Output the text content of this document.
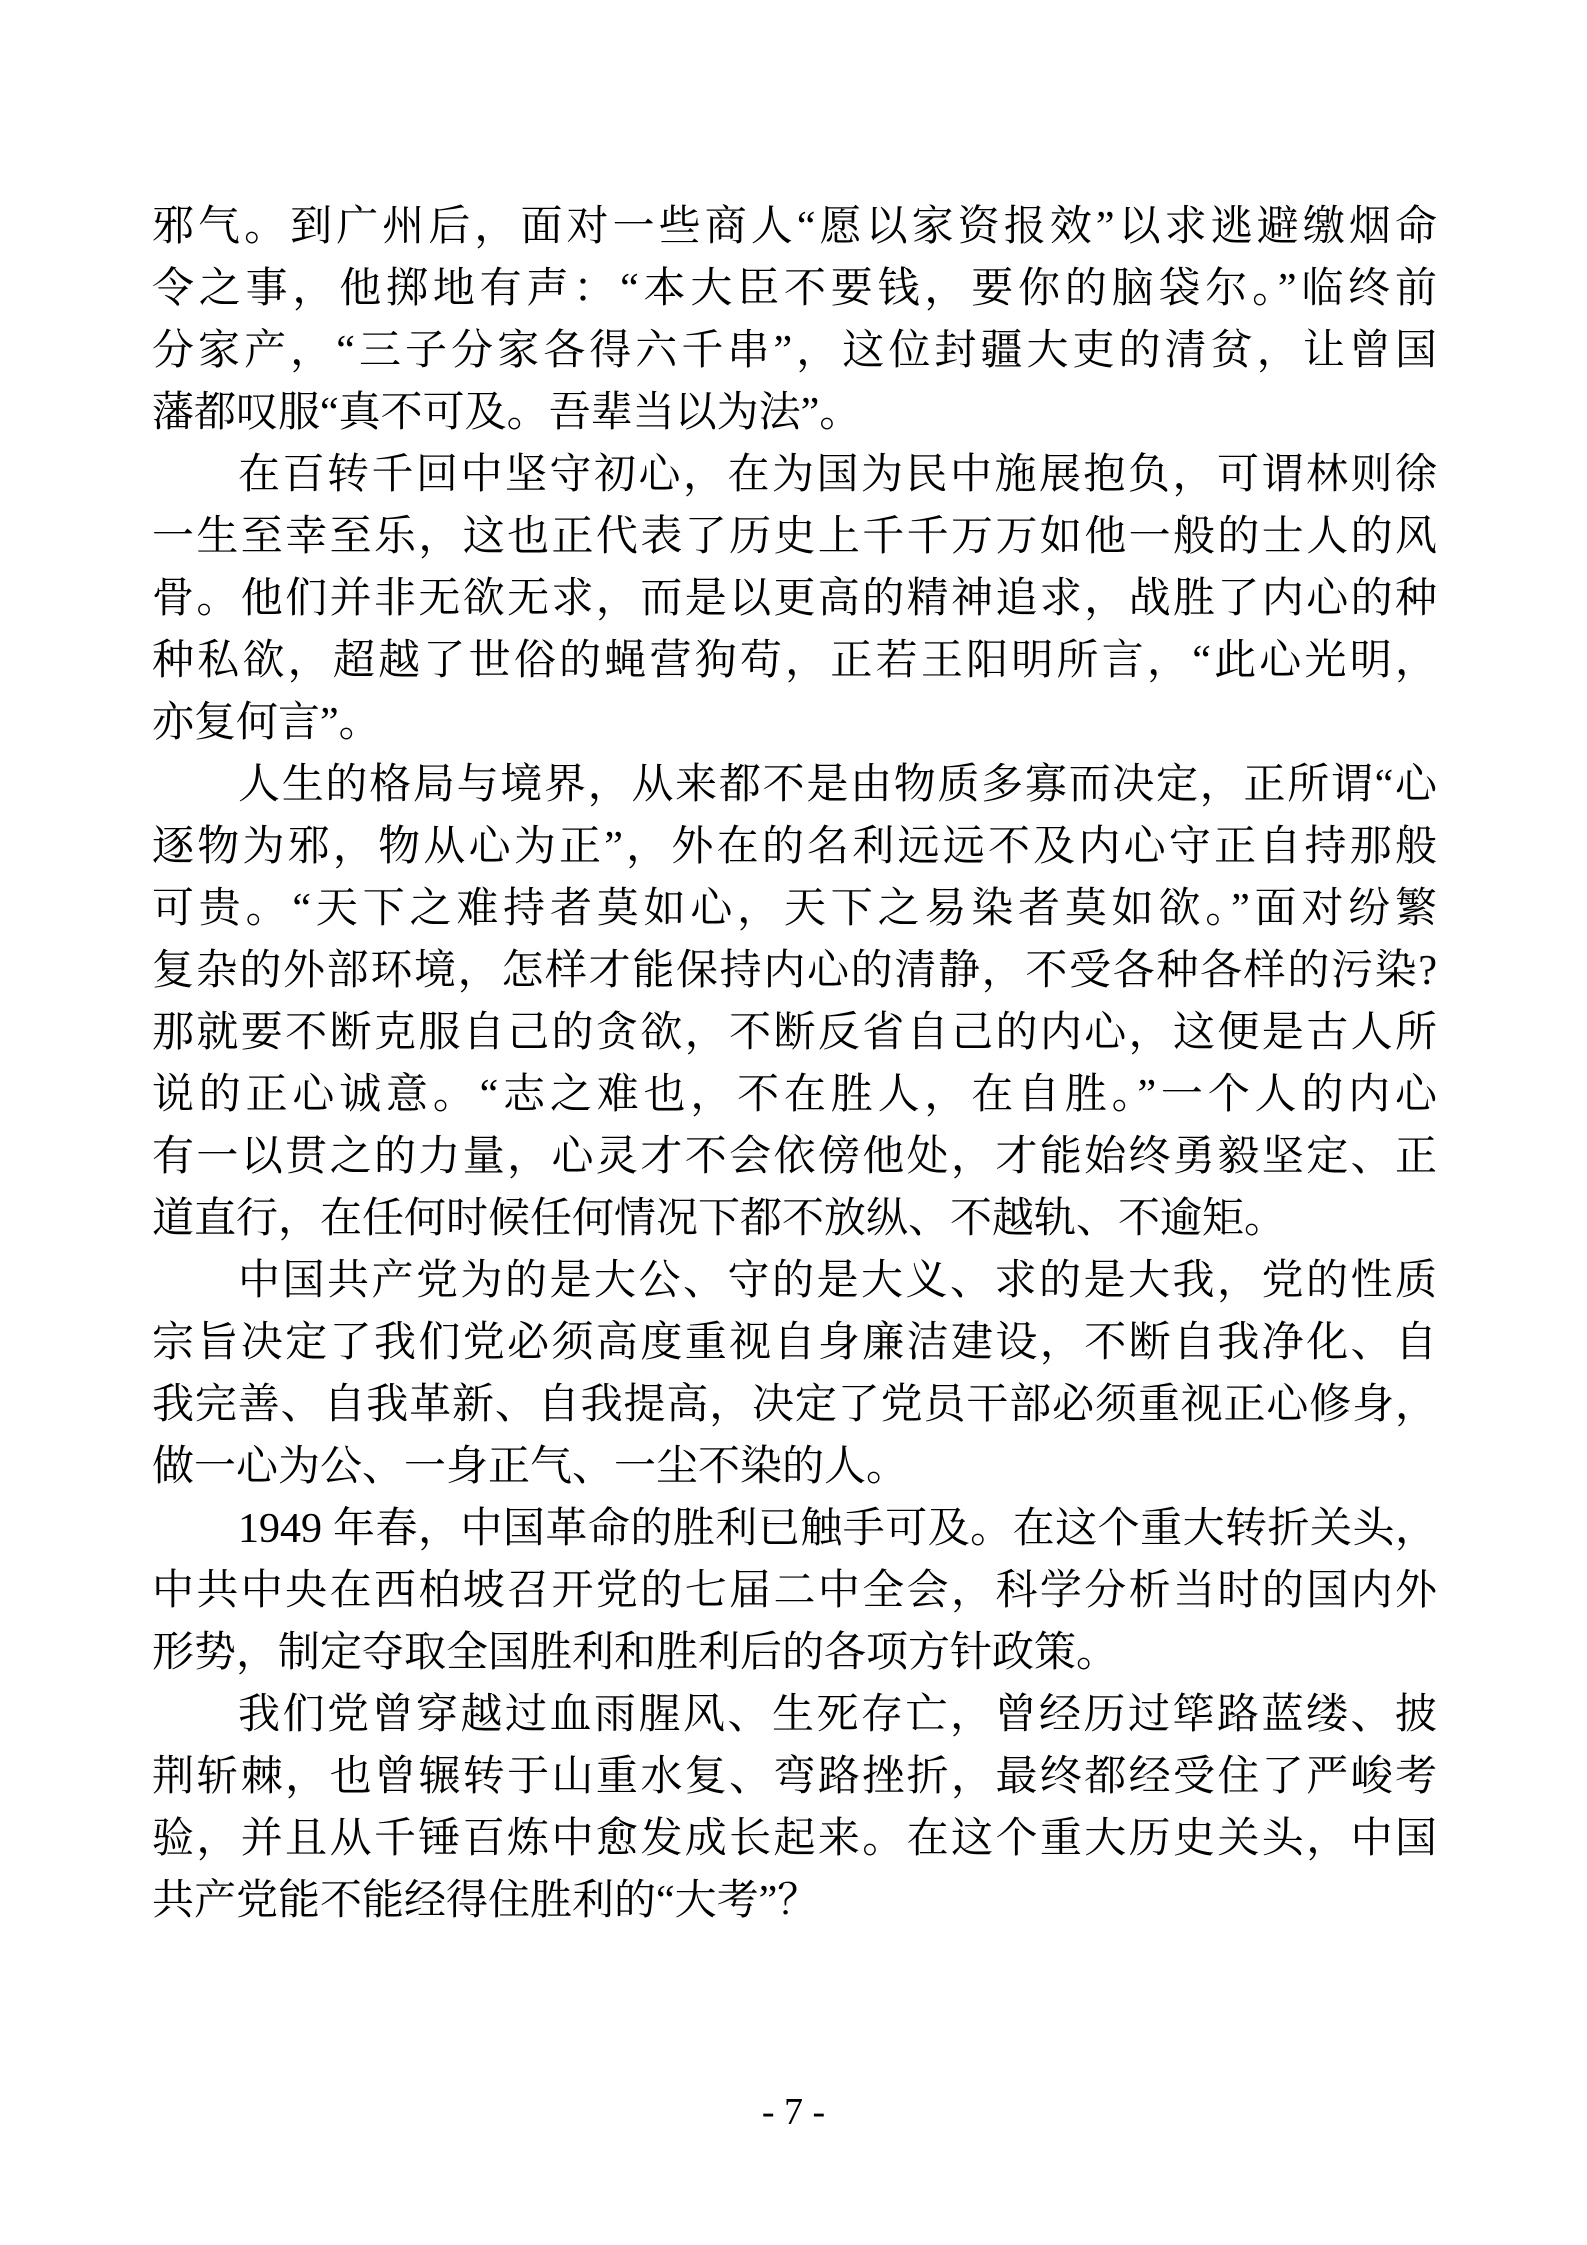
邪气。到广州后，面对一些商人“愿以家资报效”以求逃避缴烟命
令之事，他掷地有声：“本大臣不要钱，要你的脑袋尔。”临终前
分家产，“三子分家各得六千串”，这位封疆大吏的清贫，让曾国
藩都叹服“真不可及。吾辈当以为法”。
在百转千回中坚守初心，在为国为民中施展抱负，可谓林则徐
一生至幸至乐，这也正代表了历史上千千万万如他一般的士人的风
骨。他们并非无欲无求，而是以更高的精神追求，战胜了内心的种
种私欲，超越了世俗的蝇营狗苟，正若王阳明所言，“此心光明，
亦复何言”。
人生的格局与境界，从来都不是由物质多寡而决定，正所谓“心
逐物为邪，物从心为正”，外在的名利远远不及内心守正自持那般
可贵。“天下之难持者莫如心，天下之易染者莫如欲。”面对纷繁
复杂的外部环境，怎样才能保持内心的清静，不受各种各样的污染?
那就要不断克服自己的贪欲，不断反省自己的内心，这便是古人所
说的正心诚意。“志之难也，不在胜人，在自胜。”一个人的内心
有一以贯之的力量，心灵才不会依傍他处，才能始终勇毅坚定、正
道直行，在任何时候任何情况下都不放纵、不越轨、不逾矩。
中国共产党为的是大公、守的是大义、求的是大我，党的性质
宗旨决定了我们党必须高度重视自身廉洁建设，不断自我净化、自
我完善、自我革新、自我提高，决定了党员干部必须重视正心修身，
做一心为公、一身正气、一尘不染的人。
1949 年春，中国革命的胜利已触手可及。在这个重大转折关头，
中共中央在西柏坡召开党的七届二中全会，科学分析当时的国内外
形势，制定夺取全国胜利和胜利后的各项方针政策。
我们党曾穿越过血雨腥风、生死存亡，曾经历过筚路蓝缕、披
荆斩棘，也曾辗转于山重水复、弯路挫折，最终都经受住了严峻考
验，并且从千锤百炼中愈发成长起来。在这个重大历史关头，中国
共产党能不能经得住胜利的“大考”？
- 7 -
